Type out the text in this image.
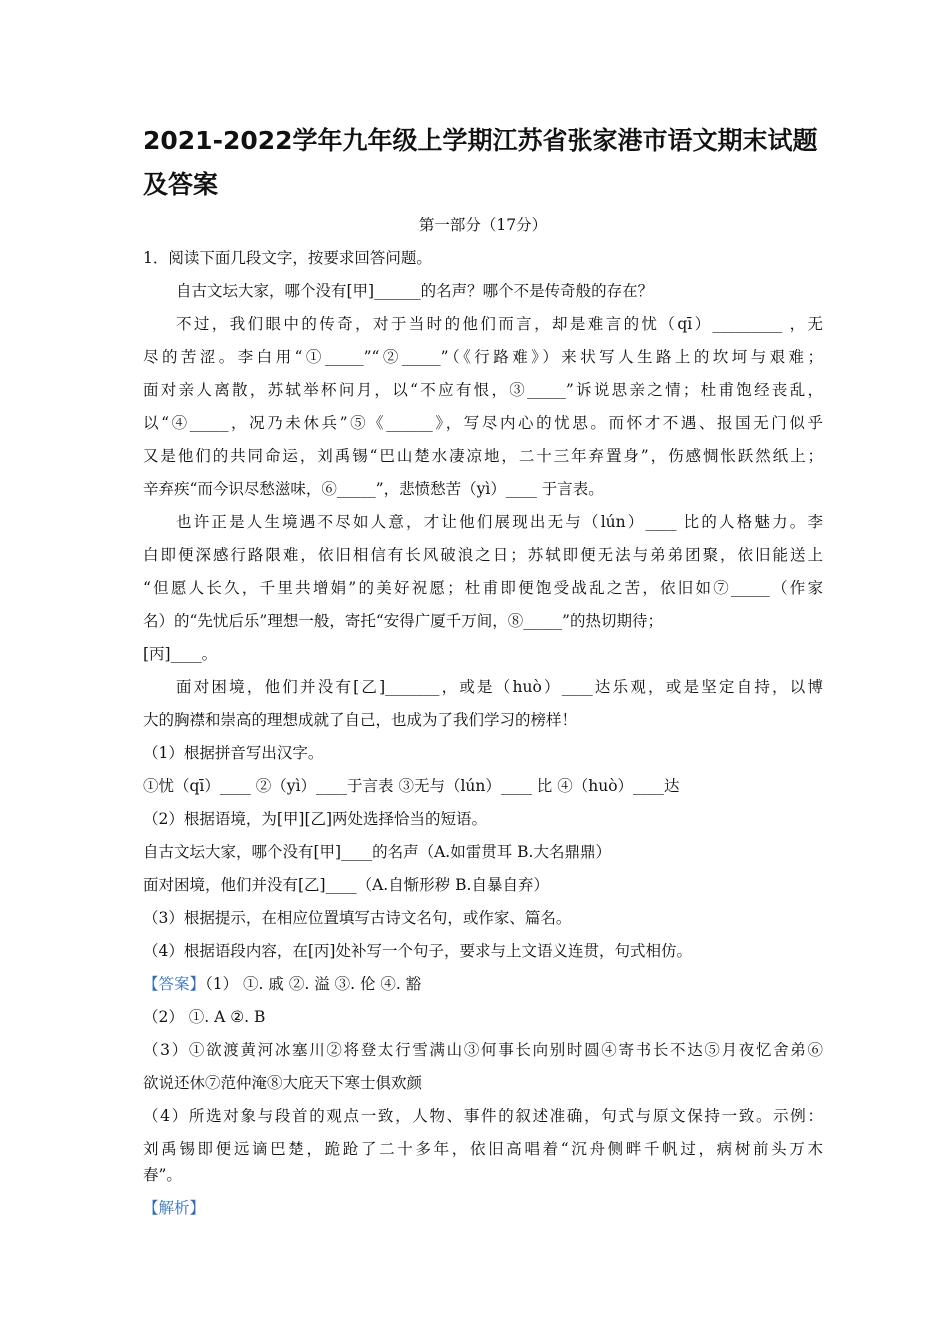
2021-2022学年九年级上学期江苏省张家港市语文期末试题
及答案
第一部分（17分）
1．阅读下面几段文字，按要求回答问题。
自古文坛大家，哪个没有[甲]______的名声？哪个不是传奇般的存在？
不过，我们眼中的传奇，对于当时的他们而言，却是难言的忧（qī）_________ ，无
尽的苦涩。李白用“①_____”“②_____”（《行路难》）来状写人生路上的坎坷与艰难；
面对亲人离散，苏轼举杯问月，以“不应有恨，③_____”诉说思亲之情；杜甫饱经丧乱，
以“④_____，况乃未休兵”⑤《______》，写尽内心的忧思。而怀才不遇、报国无门似乎
又是他们的共同命运，刘禹锡“巴山楚水凄凉地，二十三年弃置身”，伤感惆怅跃然纸上；
辛弃疾“而今识尽愁滋味，⑥_____”，悲愤愁苦（yì）____ 于言表。
也许正是人生境遇不尽如人意，才让他们展现出无与（lún）____ 比的人格魅力。李
白即便深感行路限难，依旧相信有长风破浪之日；苏轼即便无法与弟弟团聚，依旧能送上
“但愿人长久，千里共增娟”的美好祝愿；杜甫即便饱受战乱之苦，依旧如⑦_____（作家
名）的“先忧后乐”理想一般，寄托“安得广厦千万间，⑧_____”的热切期待；
[丙]____。
面对困境，他们并没有[乙]_______，或是（huò）____达乐观，或是坚定自持，以博
大的胸襟和崇高的理想成就了自己，也成为了我们学习的榜样！
（1）根据拼音写出汉字。
①忧（qī）____ ②（yì）____于言表 ③无与（lún）____ 比 ④（huò）____达
（2）根据语境，为[甲][乙]两处选择恰当的短语。
自古文坛大家，哪个没有[甲]____的名声（A.如雷贯耳 B.大名鼎鼎）
面对困境，他们并没有[乙]____（A.自惭形秽 B.自暴自弃）
（3）根据提示，在相应位置填写古诗文名句，或作家、篇名。
（4）根据语段内容，在[丙]处补写一个句子，要求与上文语义连贯，句式相仿。
【答案】（1） ①. 戚 ②. 溢 ③. 伦 ④. 豁
（2） ①. A ②. B
（3）①欲渡黄河冰塞川②将登太行雪满山③何事长向别时圆④寄书长不达⑤月夜忆舍弟⑥
欲说还休⑦范仲淹⑧大庇天下寒士俱欢颜
（4）所选对象与段首的观点一致，人物、事件的叙述准确，句式与原文保持一致。示例：
刘禹锡即便远谪巴楚，跪跄了二十多年，依旧高唱着“沉舟侧畔千帆过，病树前头万木
春”。
【解析】
